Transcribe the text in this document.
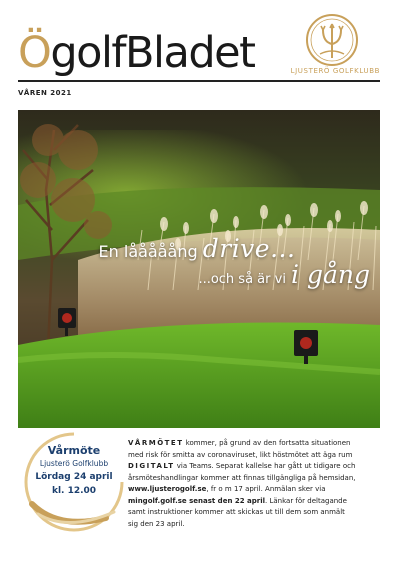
ÖgolfBladet	LJUSTERÖ GOLFKLUBB
VÅREN 2021
En lååååång drive...
...och så är vi i gång
Vårmöte
Ljusterö Golfklubb
Lördag 24 april
kl. 12.00
VÅRMÖTET kommer, på grund av den fortsatta situationen
med risk för smitta av coronaviruset, likt höstmötet att äga rum
DIGITALT via Teams. Separat kallelse har gått ut tidigare och
årsmöteshandlingar kommer att finnas tillgängliga på hemsidan,
www.ljusterogolf.se, fr o m 17 april. Anmälan sker via
mingolf.golf.se senast den 22 april. Länkar för deltagande
samt instruktioner kommer att skickas ut till dem som anmält
sig den 23 april.
